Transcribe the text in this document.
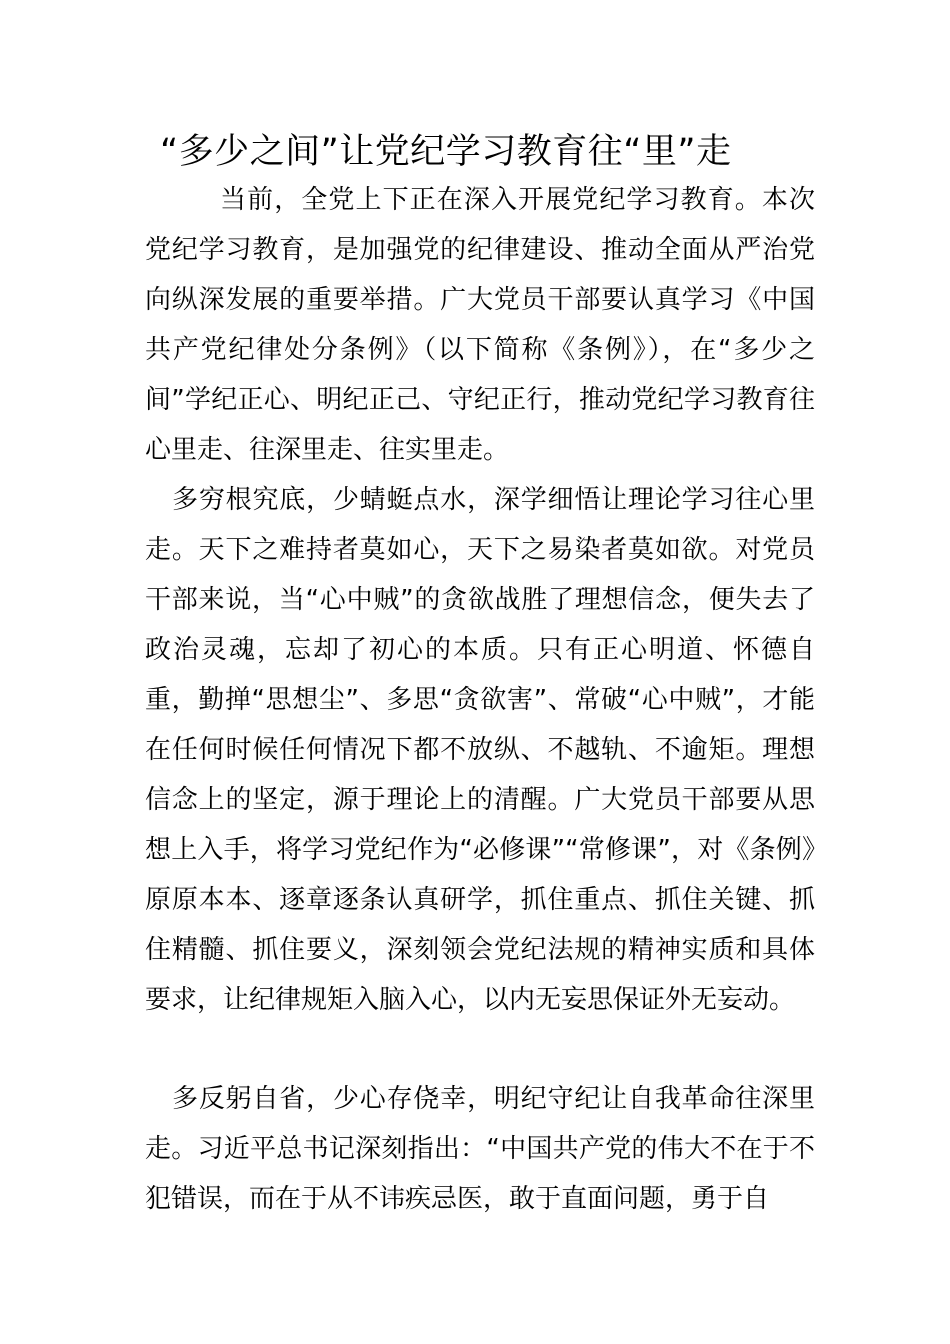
“多少之间”让党纪学习教育往“里”走

当前，全党上下正在深入开展党纪学习教育。本次党纪学习教育，是加强党的纪律建设、推动全面从严治党向纵深发展的重要举措。广大党员干部要认真学习《中国共产党纪律处分条例》（以下简称《条例》），在“多少之间”学纪正心、明纪正己、守纪正行，推动党纪学习教育往心里走、往深里走、往实里走。

多穷根究底，少蜻蜓点水，深学细悟让理论学习往心里走。天下之难持者莫如心，天下之易染者莫如欲。对党员干部来说，当“心中贼”的贪欲战胜了理想信念，便失去了政治灵魂，忘却了初心的本质。只有正心明道、怀德自重，勤掸“思想尘”、多思“贪欲害”、常破“心中贼”，才能在任何时候任何情况下都不放纵、不越轨、不逾矩。理想信念上的坚定，源于理论上的清醒。广大党员干部要从思想上入手，将学习党纪作为“必修课”“常修课”，对《条例》原原本本、逐章逐条认真研学，抓住重点、抓住关键、抓住精髓、抓住要义，深刻领会党纪法规的精神实质和具体要求，让纪律规矩入脑入心，以内无妄思保证外无妄动。

多反躬自省，少心存侥幸，明纪守纪让自我革命往深里走。习近平总书记深刻指出：“中国共产党的伟大不在于不犯错误，而在于从不讳疾忌医，敢于直面问题，勇于自
